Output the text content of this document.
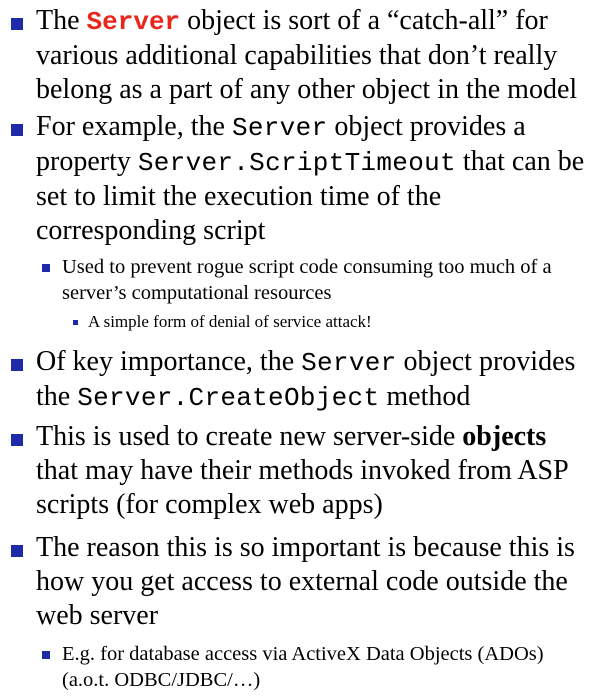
The Server object is sort of a “catch-all” for various additional capabilities that don’t really belong as a part of any other object in the model
For example, the Server object provides a property Server.ScriptTimeout that can be set to limit the execution time of the corresponding script
Used to prevent rogue script code consuming too much of a server’s computational resources
A simple form of denial of service attack!
Of key importance, the Server object provides the Server.CreateObject method
This is used to create new server-side objects that may have their methods invoked from ASP scripts (for complex web apps)
The reason this is so important is because this is how you get access to external code outside the web server
E.g. for database access via ActiveX Data Objects (ADOs) (a.o.t. ODBC/JDBC/…)
